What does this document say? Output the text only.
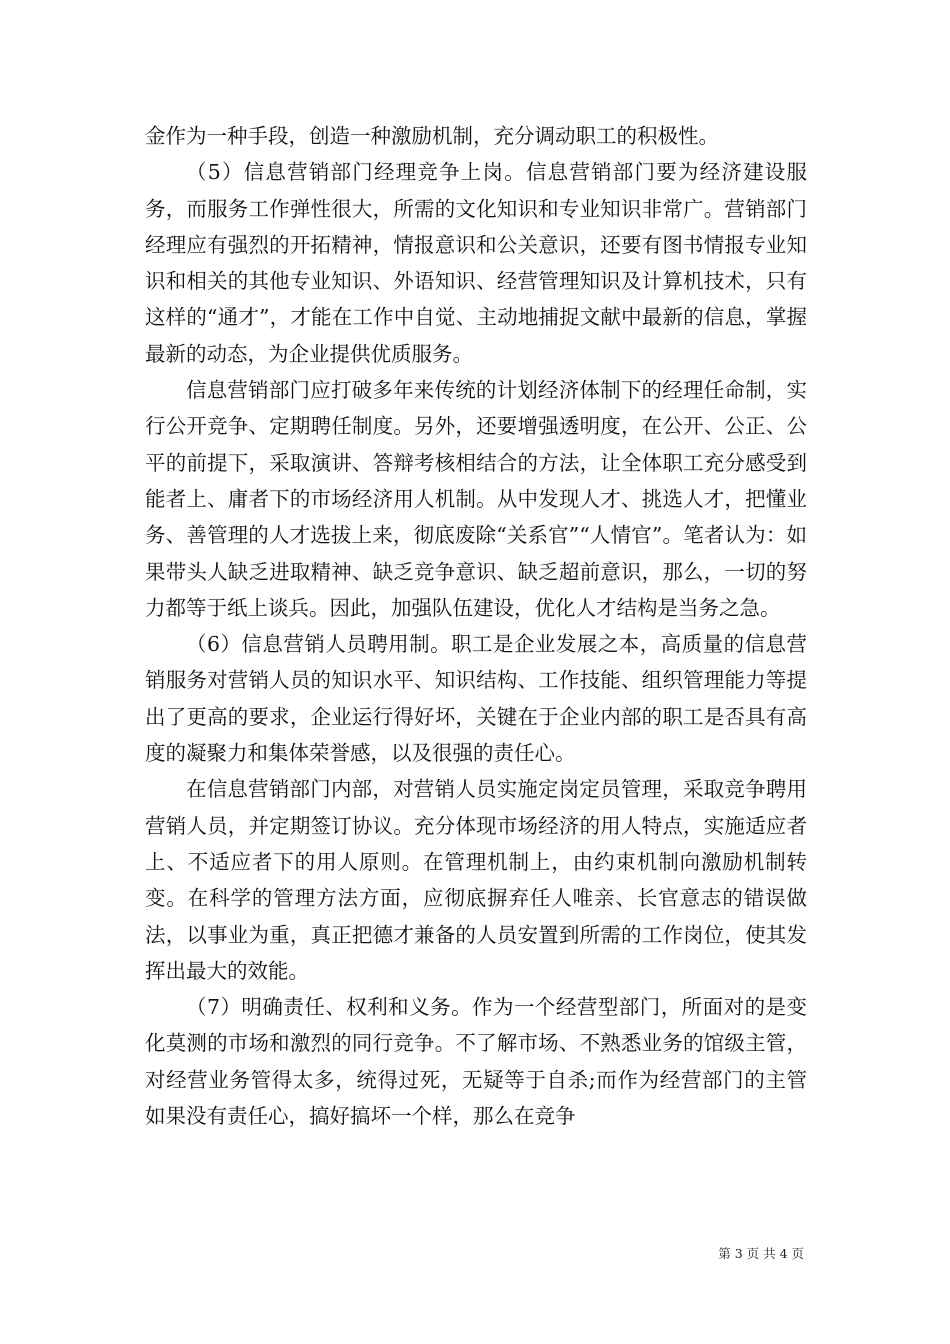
金作为一种手段，创造一种激励机制，充分调动职工的积极性。

（5）信息营销部门经理竞争上岗。信息营销部门要为经济建设服务，而服务工作弹性很大，所需的文化知识和专业知识非常广。营销部门经理应有强烈的开拓精神，情报意识和公关意识，还要有图书情报专业知识和相关的其他专业知识、外语知识、经营管理知识及计算机技术，只有这样的“通才”，才能在工作中自觉、主动地捕捉文献中最新的信息，掌握最新的动态，为企业提供优质服务。

信息营销部门应打破多年来传统的计划经济体制下的经理任命制，实行公开竞争、定期聘任制度。另外，还要增强透明度，在公开、公正、公平的前提下，采取演讲、答辩考核相结合的方法，让全体职工充分感受到能者上、庸者下的市场经济用人机制。从中发现人才、挑选人才，把懂业务、善管理的人才选拔上来，彻底废除“关系官”“人情官”。笔者认为：如果带头人缺乏进取精神、缺乏竞争意识、缺乏超前意识，那么，一切的努力都等于纸上谈兵。因此，加强队伍建设，优化人才结构是当务之急。

（6）信息营销人员聘用制。职工是企业发展之本，高质量的信息营销服务对营销人员的知识水平、知识结构、工作技能、组织管理能力等提出了更高的要求，企业运行得好坏，关键在于企业内部的职工是否具有高度的凝聚力和集体荣誉感，以及很强的责任心。

在信息营销部门内部，对营销人员实施定岗定员管理，采取竞争聘用营销人员，并定期签订协议。充分体现市场经济的用人特点，实施适应者上、不适应者下的用人原则。在管理机制上，由约束机制向激励机制转变。在科学的管理方法方面，应彻底摒弃任人唯亲、长官意志的错误做法，以事业为重，真正把德才兼备的人员安置到所需的工作岗位，使其发挥出最大的效能。

（7）明确责任、权利和义务。作为一个经营型部门，所面对的是变化莫测的市场和激烈的同行竞争。不了解市场、不熟悉业务的馆级主管，对经营业务管得太多，统得过死，无疑等于自杀;而作为经营部门的主管如果没有责任心，搞好搞坏一个样，那么在竞争

第 3 页 共 4 页
